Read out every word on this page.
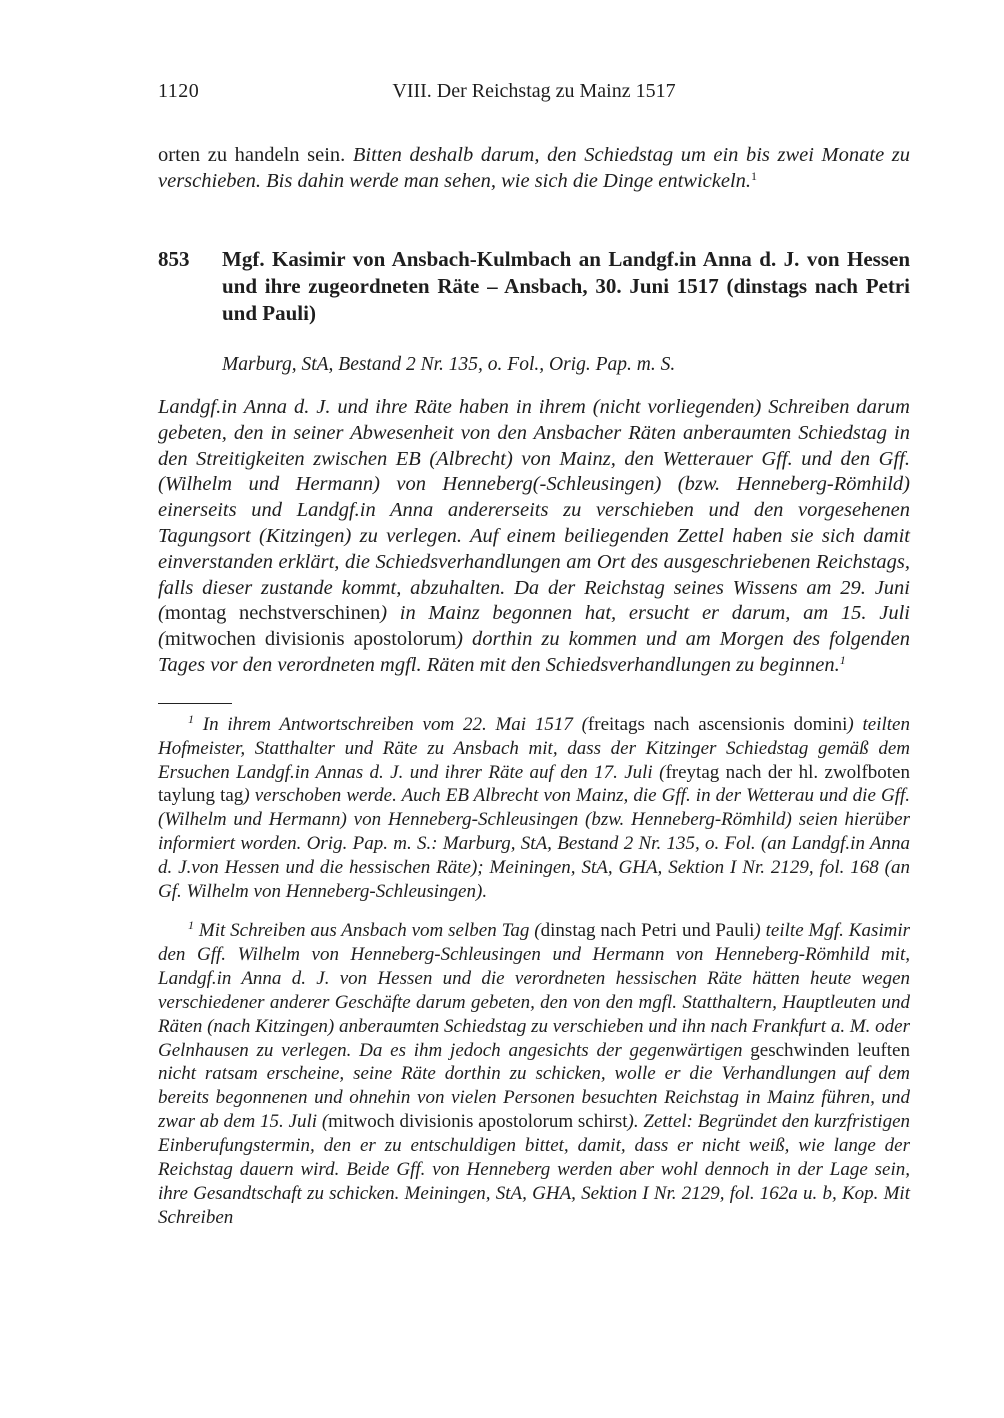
1120	VIII. Der Reichstag zu Mainz 1517

orten zu handeln sein. Bitten deshalb darum, den Schiedstag um ein bis zwei Monate zu verschieben. Bis dahin werde man sehen, wie sich die Dinge entwickeln.$^1$

853	Mgf. Kasimir von Ansbach-Kulmbach an Landgf.in Anna d. J. von Hessen und ihre zugeordneten Räte – Ansbach, 30. Juni 1517 (dinstags nach Petri und Pauli)

Marburg, StA, Bestand 2 Nr. 135, o. Fol., Orig. Pap. m. S.

Landgf.in Anna d. J. und ihre Räte haben in ihrem (nicht vorliegenden) Schreiben darum gebeten, den in seiner Abwesenheit von den Ansbacher Räten anberaumten Schiedstag in den Streitigkeiten zwischen EB (Albrecht) von Mainz, den Wetterauer Gff. und den Gff. (Wilhelm und Hermann) von Henneberg(-Schleusingen) (bzw. Henneberg-Römhild) einerseits und Landgf.in Anna andererseits zu verschieben und den vorgesehenen Tagungsort (Kitzingen) zu verlegen. Auf einem beiliegenden Zettel haben sie sich damit einverstanden erklärt, die Schiedsverhandlungen am Ort des ausgeschriebenen Reichstags, falls dieser zustande kommt, abzuhalten. Da der Reichstag seines Wissens am 29. Juni (montag nechstverschinen) in Mainz begonnen hat, ersucht er darum, am 15. Juli (mitwochen divisionis apostolorum) dorthin zu kommen und am Morgen des folgenden Tages vor den verordneten mgfl. Räten mit den Schiedsverhandlungen zu beginnen.$^1$

$^1$ In ihrem Antwortschreiben vom 22. Mai 1517 (freitags nach ascensionis domini) teilten Hofmeister, Statthalter und Räte zu Ansbach mit, dass der Kitzinger Schiedstag gemäß dem Ersuchen Landgf.in Annas d. J. und ihrer Räte auf den 17. Juli (freytag nach der hl. zwolfboten taylung tag) verschoben werde. Auch EB Albrecht von Mainz, die Gff. in der Wetterau und die Gff. (Wilhelm und Hermann) von Henneberg-Schleusingen (bzw. Henneberg-Römhild) seien hierüber informiert worden. Orig. Pap. m. S.: Marburg, StA, Bestand 2 Nr. 135, o. Fol. (an Landgf.in Anna d. J.von Hessen und die hessischen Räte); Meiningen, StA, GHA, Sektion I Nr. 2129, fol. 168 (an Gf. Wilhelm von Henneberg-Schleusingen).

$^1$ Mit Schreiben aus Ansbach vom selben Tag (dinstag nach Petri und Pauli) teilte Mgf. Kasimir den Gff. Wilhelm von Henneberg-Schleusingen und Hermann von Henneberg-Römhild mit, Landgf.in Anna d. J. von Hessen und die verordneten hessischen Räte hätten heute wegen verschiedener anderer Geschäfte darum gebeten, den von den mgfl. Statthaltern, Hauptleuten und Räten (nach Kitzingen) anberaumten Schiedstag zu verschieben und ihn nach Frankfurt a. M. oder Gelnhausen zu verlegen. Da es ihm jedoch angesichts der gegenwärtigen geschwinden leuften nicht ratsam erscheine, seine Räte dorthin zu schicken, wolle er die Verhandlungen auf dem bereits begonnenen und ohnehin von vielen Personen besuchten Reichstag in Mainz führen, und zwar ab dem 15. Juli (mitwoch divisionis apostolorum schirst). Zettel: Begründet den kurzfristigen Einberufungstermin, den er zu entschuldigen bittet, damit, dass er nicht weiß, wie lange der Reichstag dauern wird. Beide Gff. von Henneberg werden aber wohl dennoch in der Lage sein, ihre Gesandtschaft zu schicken. Meiningen, StA, GHA, Sektion I Nr. 2129, fol. 162a u. b, Kop. Mit Schreiben
